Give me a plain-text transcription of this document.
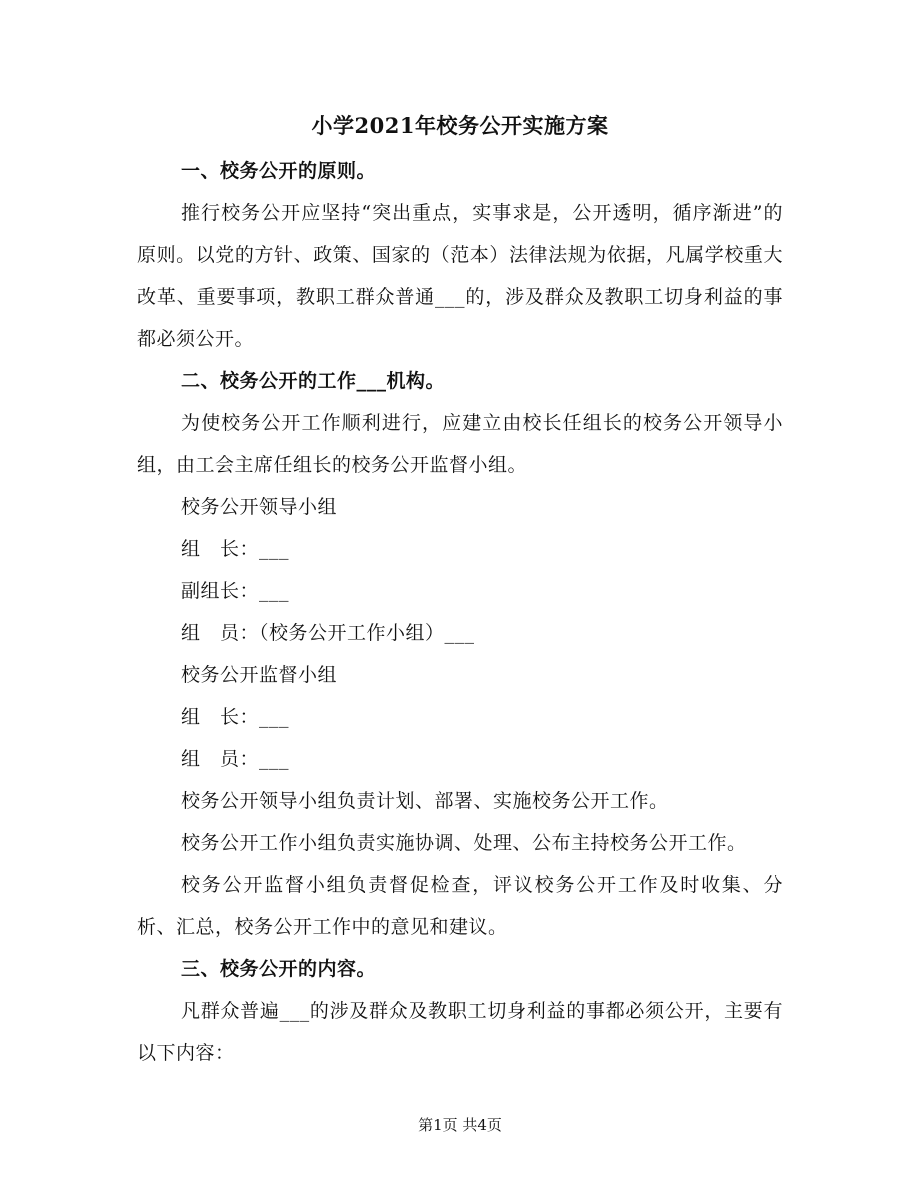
小学2021年校务公开实施方案

一、校务公开的原则。

推行校务公开应坚持“突出重点，实事求是，公开透明，循序渐进”的原则。以党的方针、政策、国家的（范本）法律法规为依据，凡属学校重大改革、重要事项，教职工群众普通___的，涉及群众及教职工切身利益的事都必须公开。

二、校务公开的工作___机构。

为使校务公开工作顺利进行，应建立由校长任组长的校务公开领导小组，由工会主席任组长的校务公开监督小组。

校务公开领导小组

组　长：___

副组长：___

组　员：（校务公开工作小组）___

校务公开监督小组

组　长：___

组　员：___

校务公开领导小组负责计划、部署、实施校务公开工作。

校务公开工作小组负责实施协调、处理、公布主持校务公开工作。

校务公开监督小组负责督促检查，评议校务公开工作及时收集、分析、汇总，校务公开工作中的意见和建议。

三、校务公开的内容。

凡群众普遍___的涉及群众及教职工切身利益的事都必须公开，主要有以下内容：

第1页 共4页
